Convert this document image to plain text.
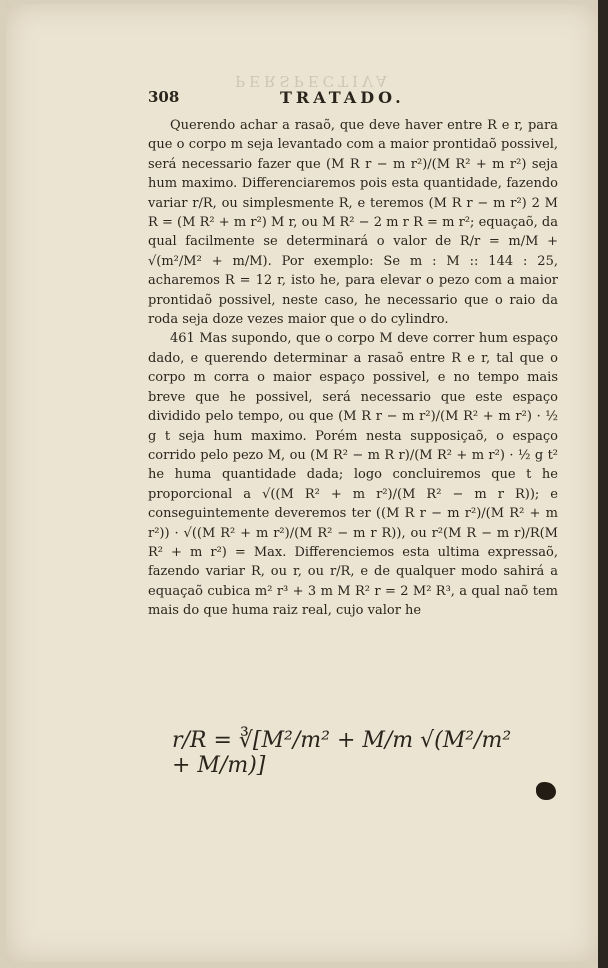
PERSPECTIVA
308	TRATADO.

Querendo achar a rasaõ, que deve haver entre R e r, para que o corpo m seja levantado com a maior prontidaõ possivel, será necessario fazer que (M R r − m r²)/(M R² + m r²) seja hum maximo. Differenciaremos pois esta quantidade, fazendo variar r/R, ou simplesmente R, e teremos (M R r − m r²) 2 M R = (M R² + m r²) M r, ou M R² − 2 m r R = m r²; equaçaõ, da qual facilmente se determinará o valor de R/r = m/M + √(m²/M² + m/M). Por exemplo: Se m : M :: 144 : 25, acharemos R = 12 r, isto he, para elevar o pezo com a maior prontidaõ possivel, neste caso, he necessario que o raio da roda seja doze vezes maior que o do cylindro.

461 Mas supondo, que o corpo M deve correr hum espaço dado, e querendo determinar a rasaõ entre R e r, tal que o corpo m corra o maior espaço possivel, e no tempo mais breve que he possivel, será necessario que este espaço dividido pelo tempo, ou que (M R r − m r²)/(M R² + m r²) · ½ g t seja hum maximo. Porém nesta supposiçaõ, o espaço corrido pelo pezo M, ou (M R² − m R r)/(M R² + m r²) · ½ g t² he huma quantidade dada; logo concluiremos que t he proporcional a √((M R² + m r²)/(M R² − m r R)); e conseguintemente deveremos ter ((M R r − m r²)/(M R² + m r²)) · √((M R² + m r²)/(M R² − m r R)), ou r²(M R − m r)/R(M R² + m r²) = Max. Differenciemos esta ultima expressaõ, fazendo variar R, ou r, ou r/R, e de qualquer modo sahirá a equaçaõ cubica m² r³ + 3 m M R² r = 2 M² R³, a qual naõ tem mais do que huma raiz real, cujo valor he

r/R = ∛[M²/m² + M/m √(M²/m² + M/m)]
